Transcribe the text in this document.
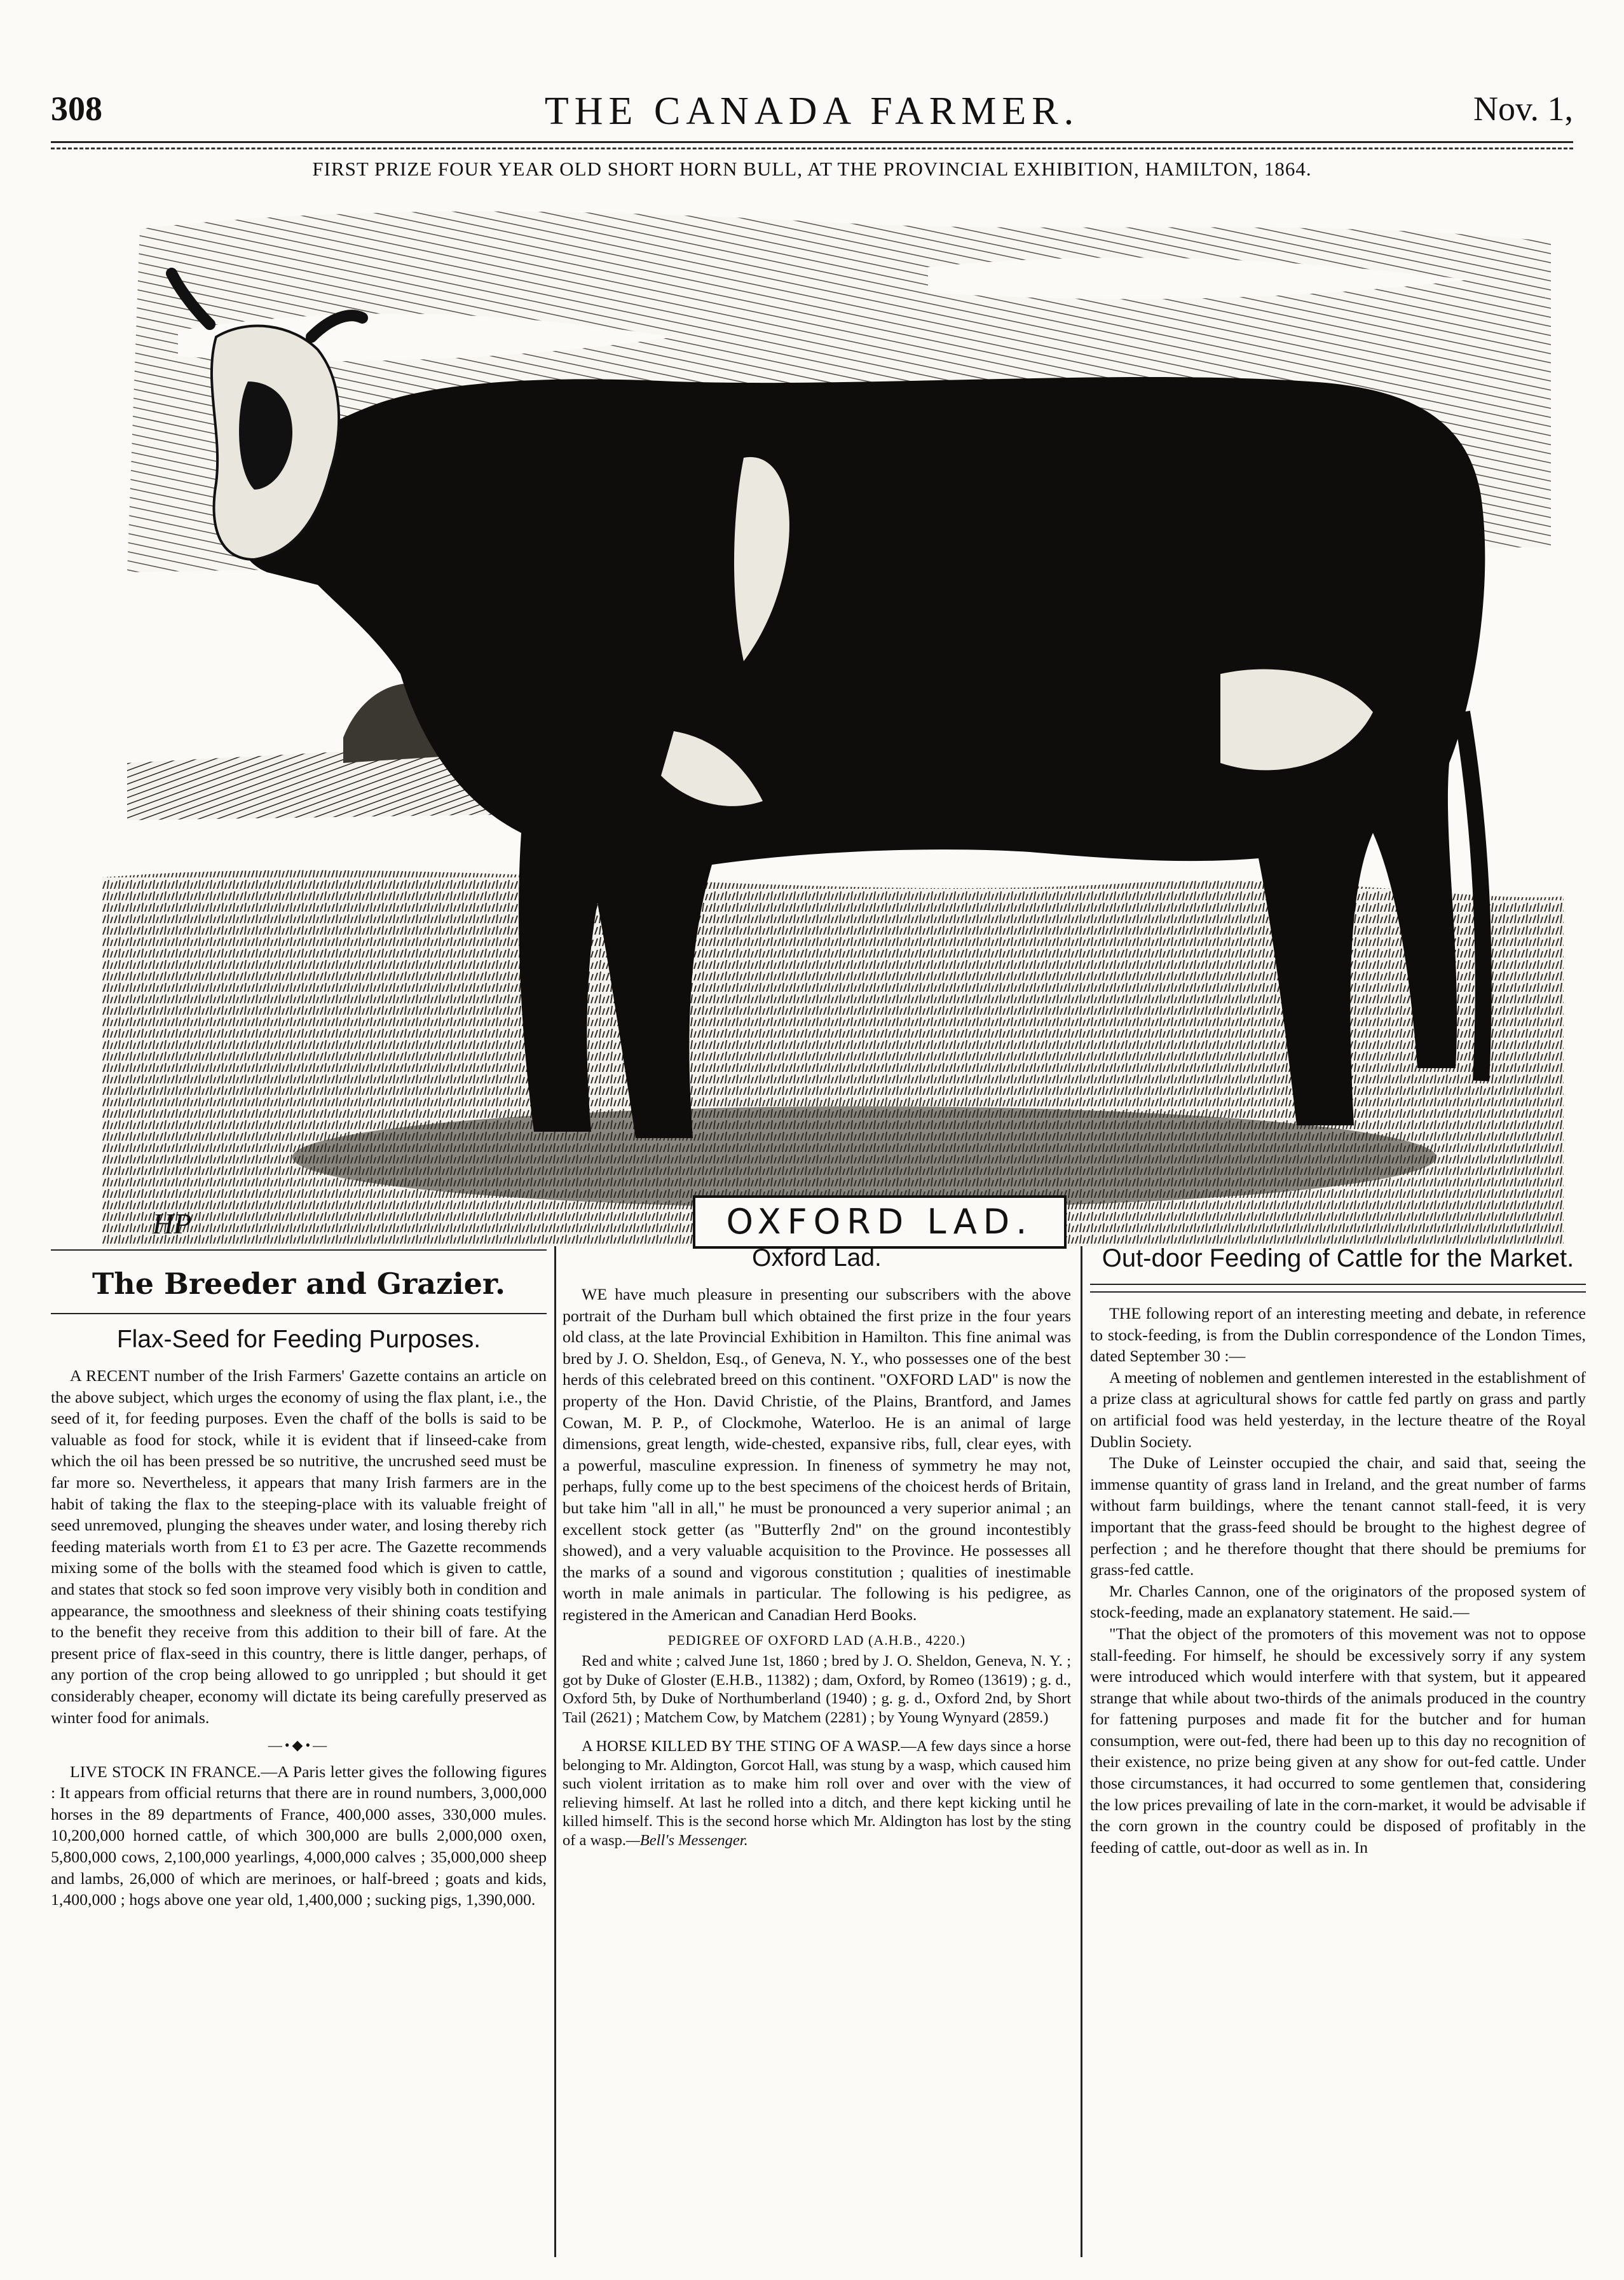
308	THE CANADA FARMER.	Nov. 1,
FIRST PRIZE FOUR YEAR OLD SHORT HORN BULL, AT THE PROVINCIAL EXHIBITION, HAMILTON, 1864.
HP	OXFORD LAD.
The Breeder and Grazier.
Flax-Seed for Feeding Purposes.

A RECENT number of the Irish Farmers' Gazette contains an article on the above subject, which urges the economy of using the flax plant, i.e., the seed of it, for feeding purposes. Even the chaff of the bolls is said to be valuable as food for stock, while it is evident that if linseed-cake from which the oil has been pressed be so nutritive, the uncrushed seed must be far more so. Nevertheless, it appears that many Irish farmers are in the habit of taking the flax to the steeping-place with its valuable freight of seed unremoved, plunging the sheaves under water, and losing thereby rich feeding materials worth from £1 to £3 per acre. The Gazette recommends mixing some of the bolls with the steamed food which is given to cattle, and states that stock so fed soon improve very visibly both in condition and appearance, the smoothness and sleekness of their shining coats testifying to the benefit they receive from this addition to their bill of fare. At the present price of flax-seed in this country, there is little danger, perhaps, of any portion of the crop being allowed to go unrippled ; but should it get considerably cheaper, economy will dictate its being carefully preserved as winter food for animals.

—•◆•—

LIVE STOCK IN FRANCE.—A Paris letter gives the following figures : It appears from official returns that there are in round numbers, 3,000,000 horses in the 89 departments of France, 400,000 asses, 330,000 mules. 10,200,000 horned cattle, of which 300,000 are bulls 2,000,000 oxen, 5,800,000 cows, 2,100,000 yearlings, 4,000,000 calves ; 35,000,000 sheep and lambs, 26,000 of which are merinoes, or half-breed ; goats and kids, 1,400,000 ; hogs above one year old, 1,400,000 ; sucking pigs, 1,390,000.

Oxford Lad.

WE have much pleasure in presenting our subscribers with the above portrait of the Durham bull which obtained the first prize in the four years old class, at the late Provincial Exhibition in Hamilton. This fine animal was bred by J. O. Sheldon, Esq., of Geneva, N. Y., who possesses one of the best herds of this celebrated breed on this continent. "OXFORD LAD" is now the property of the Hon. David Christie, of the Plains, Brantford, and James Cowan, M. P. P., of Clockmohe, Waterloo. He is an animal of large dimensions, great length, wide-chested, expansive ribs, full, clear eyes, with a powerful, masculine expression. In fineness of symmetry he may not, perhaps, fully come up to the best specimens of the choicest herds of Britain, but take him "all in all," he must be pronounced a very superior animal ; an excellent stock getter (as "Butterfly 2nd" on the ground incontestibly showed), and a very valuable acquisition to the Province. He possesses all the marks of a sound and vigorous constitution ; qualities of inestimable worth in male animals in particular. The following is his pedigree, as registered in the American and Canadian Herd Books.

PEDIGREE OF OXFORD LAD (A.H.B., 4220.)

Red and white ; calved June 1st, 1860 ; bred by J. O. Sheldon, Geneva, N. Y. ; got by Duke of Gloster (E.H.B., 11382) ; dam, Oxford, by Romeo (13619) ; g. d., Oxford 5th, by Duke of Northumberland (1940) ; g. g. d., Oxford 2nd, by Short Tail (2621) ; Matchem Cow, by Matchem (2281) ; by Young Wynyard (2859.)

A HORSE KILLED BY THE STING OF A WASP.—A few days since a horse belonging to Mr. Aldington, Gorcot Hall, was stung by a wasp, which caused him such violent irritation as to make him roll over and over with the view of relieving himself. At last he rolled into a ditch, and there kept kicking until he killed himself. This is the second horse which Mr. Aldington has lost by the sting of a wasp.—Bell's Messenger.

Out-door Feeding of Cattle for the Market.

THE following report of an interesting meeting and debate, in reference to stock-feeding, is from the Dublin correspondence of the London Times, dated September 30 :—

A meeting of noblemen and gentlemen interested in the establishment of a prize class at agricultural shows for cattle fed partly on grass and partly on artificial food was held yesterday, in the lecture theatre of the Royal Dublin Society.

The Duke of Leinster occupied the chair, and said that, seeing the immense quantity of grass land in Ireland, and the great number of farms without farm buildings, where the tenant cannot stall-feed, it is very important that the grass-feed should be brought to the highest degree of perfection ; and he therefore thought that there should be premiums for grass-fed cattle.

Mr. Charles Cannon, one of the originators of the proposed system of stock-feeding, made an explanatory statement. He said.—

"That the object of the promoters of this movement was not to oppose stall-feeding. For himself, he should be excessively sorry if any system were introduced which would interfere with that system, but it appeared strange that while about two-thirds of the animals produced in the country for fattening purposes and made fit for the butcher and for human consumption, were out-fed, there had been up to this day no recognition of their existence, no prize being given at any show for out-fed cattle. Under those circumstances, it had occurred to some gentlemen that, considering the low prices prevailing of late in the corn-market, it would be advisable if the corn grown in the country could be disposed of profitably in the feeding of cattle, out-door as well as in. In
